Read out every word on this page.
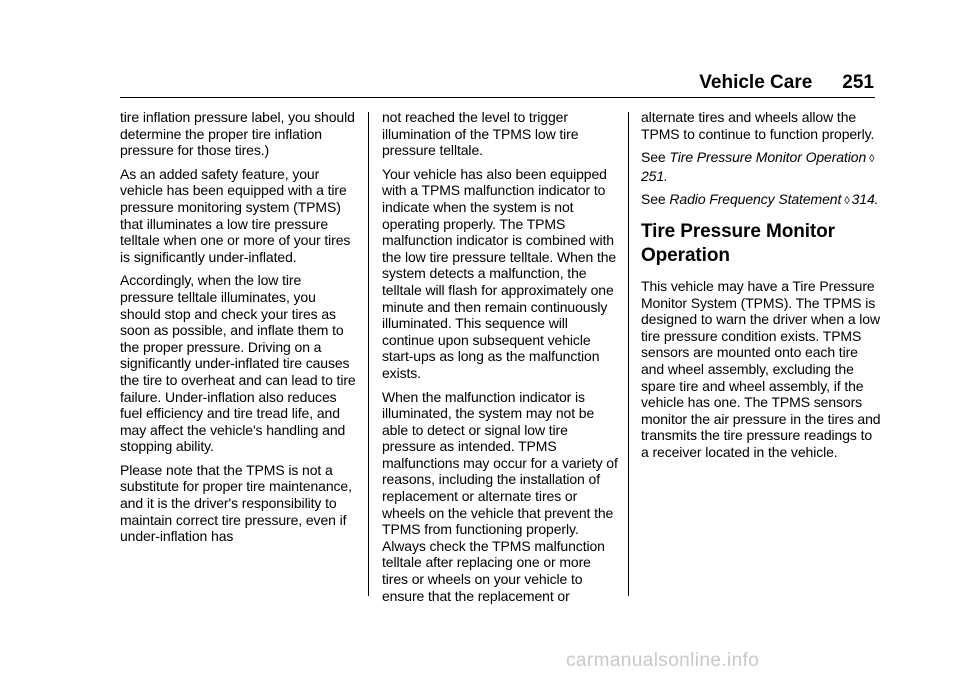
Vehicle Care 251

tire inflation pressure label, you should determine the proper tire inflation pressure for those tires.)

As an added safety feature, your vehicle has been equipped with a tire pressure monitoring system (TPMS) that illuminates a low tire pressure telltale when one or more of your tires is significantly under-inflated.

Accordingly, when the low tire pressure telltale illuminates, you should stop and check your tires as soon as possible, and inflate them to the proper pressure. Driving on a significantly under-inflated tire causes the tire to overheat and can lead to tire failure. Under-inflation also reduces fuel efficiency and tire tread life, and may affect the vehicle's handling and stopping ability.

Please note that the TPMS is not a substitute for proper tire maintenance, and it is the driver's responsibility to maintain correct tire pressure, even if under-inflation has

not reached the level to trigger illumination of the TPMS low tire pressure telltale.

Your vehicle has also been equipped with a TPMS malfunction indicator to indicate when the system is not operating properly. The TPMS malfunction indicator is combined with the low tire pressure telltale. When the system detects a malfunction, the telltale will flash for approximately one minute and then remain continuously illuminated. This sequence will continue upon subsequent vehicle start-ups as long as the malfunction exists.

When the malfunction indicator is illuminated, the system may not be able to detect or signal low tire pressure as intended. TPMS malfunctions may occur for a variety of reasons, including the installation of replacement or alternate tires or wheels on the vehicle that prevent the TPMS from functioning properly. Always check the TPMS malfunction telltale after replacing one or more tires or wheels on your vehicle to ensure that the replacement or

alternate tires and wheels allow the TPMS to continue to function properly.

See Tire Pressure Monitor Operation ◊251.

See Radio Frequency Statement ◊ 314.

Tire Pressure Monitor Operation

This vehicle may have a Tire Pressure Monitor System (TPMS). The TPMS is designed to warn the driver when a low tire pressure condition exists. TPMS sensors are mounted onto each tire and wheel assembly, excluding the spare tire and wheel assembly, if the vehicle has one. The TPMS sensors monitor the air pressure in the tires and transmits the tire pressure readings to a receiver located in the vehicle.

carmanualsonline.info
